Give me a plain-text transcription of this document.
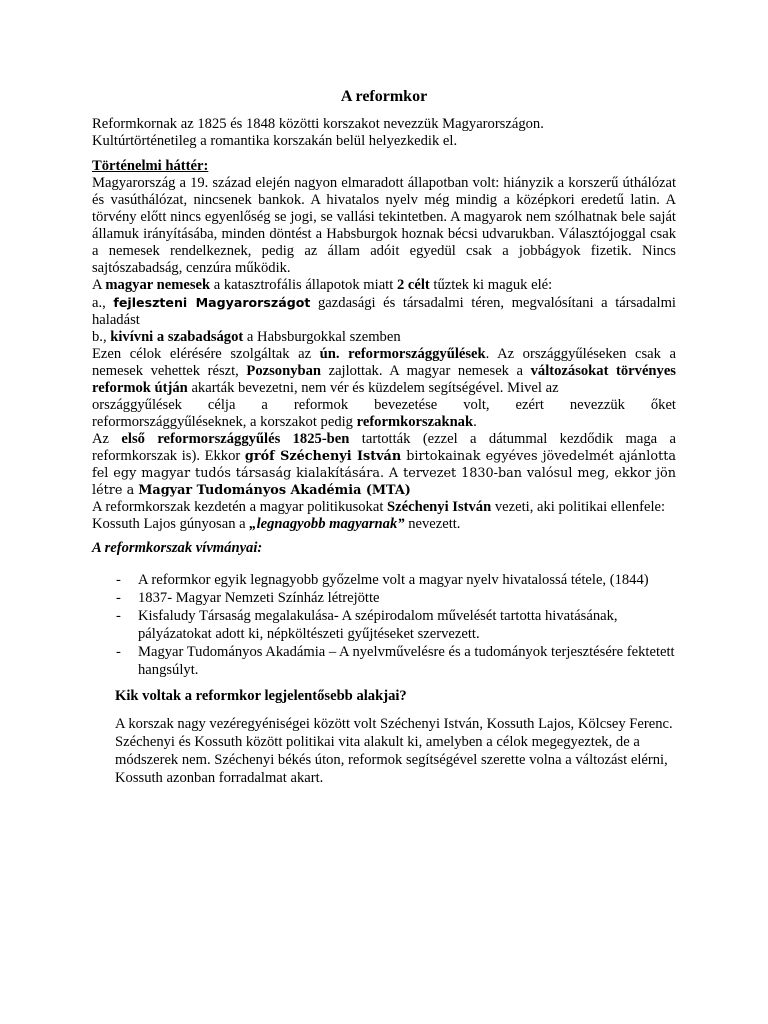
A reformkor

Reformkornak az 1825 és 1848 közötti korszakot nevezzük Magyarországon.

Kultúrtörténetileg a romantika korszakán belül helyezkedik el.

Történelmi háttér:

Magyarország a 19. század elején nagyon elmaradott állapotban volt: hiányzik a korszerű úthálózat és vasúthálózat, nincsenek bankok. A hivatalos nyelv még mindig a középkori eredetű latin. A törvény előtt nincs egyenlőség se jogi, se vallási tekintetben. A magyarok nem szólhatnak bele saját államuk irányításába, minden döntést a Habsburgok hoznak bécsi udvarukban. Választójoggal csak a nemesek rendelkeznek, pedig az állam adóit egyedül csak a jobbágyok fizetik. Nincs sajtószabadság, cenzúra működik.

A magyar nemesek a katasztrofális állapotok miatt 2 célt tűztek ki maguk elé:

a., fejleszteni Magyarországot gazdasági és társadalmi téren, megvalósítani a társadalmi haladást

b., kivívni a szabadságot a Habsburgokkal szemben

Ezen célok elérésére szolgáltak az ún. reformországgyűlések. Az országgyűléseken csak a nemesek vehettek részt, Pozsonyban zajlottak. A magyar nemesek a változásokat törvényes reformok útján akarták bevezetni, nem vér és küzdelem segítségével. Mivel az

országgyűlések célja a reformok bevezetése volt, ezért nevezzük őket

reformországgyűléseknek, a korszakot pedig reformkorszaknak.

Az első reformországgyűlés 1825-ben tartották (ezzel a dátummal kezdődik maga a reformkorszak is). Ekkor gróf Széchenyi István birtokainak egyéves jövedelmét ajánlotta fel egy magyar tudós társaság kialakítására. A tervezet 1830-ban valósul meg, ekkor jön létre a Magyar Tudományos Akadémia (MTA)

A reformkorszak kezdetén a magyar politikusokat Széchenyi István vezeti, aki politikai ellenfele: Kossuth Lajos gúnyosan a „legnagyobb magyarnak” nevezett.

A reformkorszak vívmányai:

- A reformkor egyik legnagyobb győzelme volt a magyar nyelv hivatalossá tétele, (1844)
- 1837- Magyar Nemzeti Színház létrejötte
- Kisfaludy Társaság megalakulása- A szépirodalom művelését tartotta hivatásának, pályázatokat adott ki, népköltészeti gyűjtéseket szervezett.
- Magyar Tudományos Akadámia – A nyelvművelésre és a tudományok terjesztésére fektetett hangsúlyt.

Kik voltak a reformkor legjelentősebb alakjai?

A korszak nagy vezéregyéniségei között volt Széchenyi István, Kossuth Lajos, Kölcsey Ferenc. Széchenyi és Kossuth között politikai vita alakult ki, amelyben a célok megegyeztek, de a módszerek nem. Széchenyi békés úton, reformok segítségével szerette volna a változást elérni, Kossuth azonban forradalmat akart.
